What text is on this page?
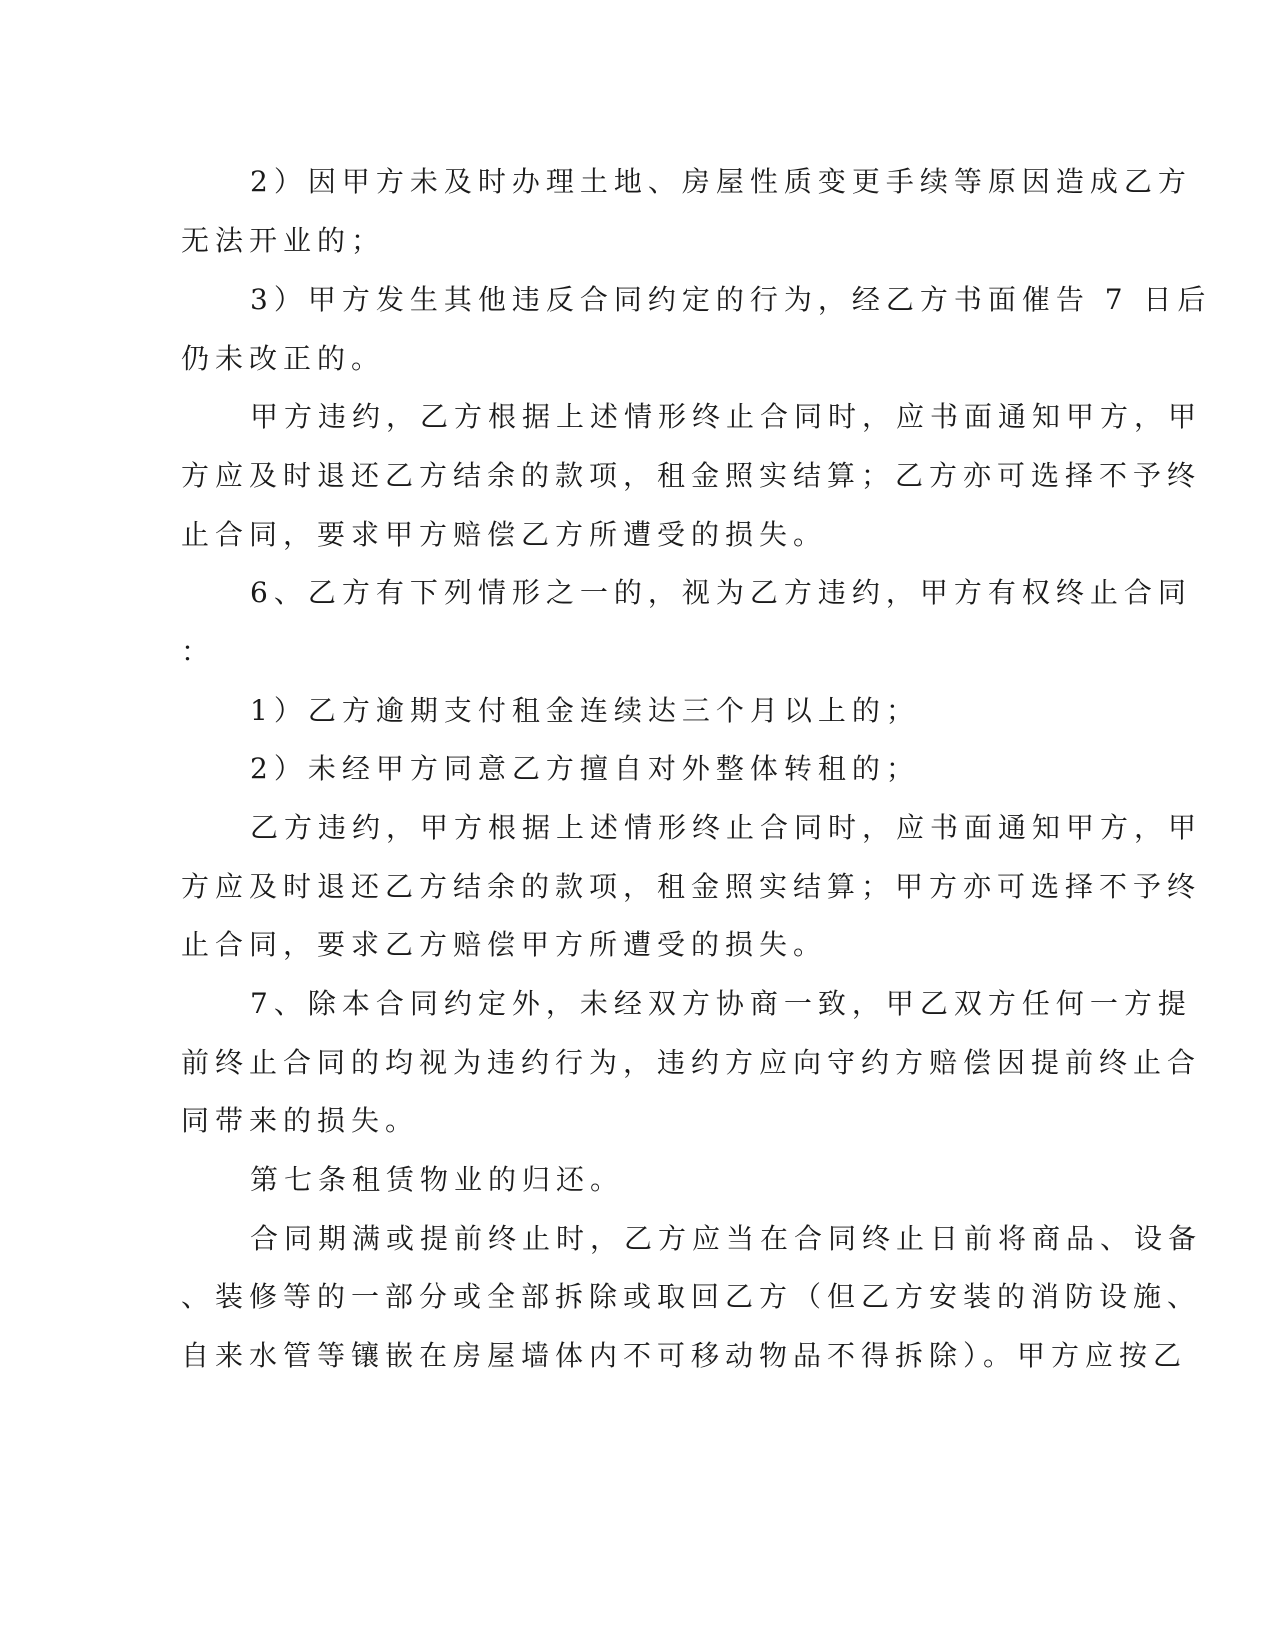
2）因甲方未及时办理土地、房屋性质变更手续等原因造成乙方
无法开业的；
3）甲方发生其他违反合同约定的行为，经乙方书面催告 7 日后
仍未改正的。
甲方违约，乙方根据上述情形终止合同时，应书面通知甲方，甲
方应及时退还乙方结余的款项，租金照实结算；乙方亦可选择不予终
止合同，要求甲方赔偿乙方所遭受的损失。
6、乙方有下列情形之一的，视为乙方违约，甲方有权终止合同
：
1）乙方逾期支付租金连续达三个月以上的；
2）未经甲方同意乙方擅自对外整体转租的；
乙方违约，甲方根据上述情形终止合同时，应书面通知甲方，甲
方应及时退还乙方结余的款项，租金照实结算；甲方亦可选择不予终
止合同，要求乙方赔偿甲方所遭受的损失。
7、除本合同约定外，未经双方协商一致，甲乙双方任何一方提
前终止合同的均视为违约行为，违约方应向守约方赔偿因提前终止合
同带来的损失。
第七条租赁物业的归还。
合同期满或提前终止时，乙方应当在合同终止日前将商品、设备
、装修等的一部分或全部拆除或取回乙方（但乙方安装的消防设施、
自来水管等镶嵌在房屋墙体内不可移动物品不得拆除）。甲方应按乙
